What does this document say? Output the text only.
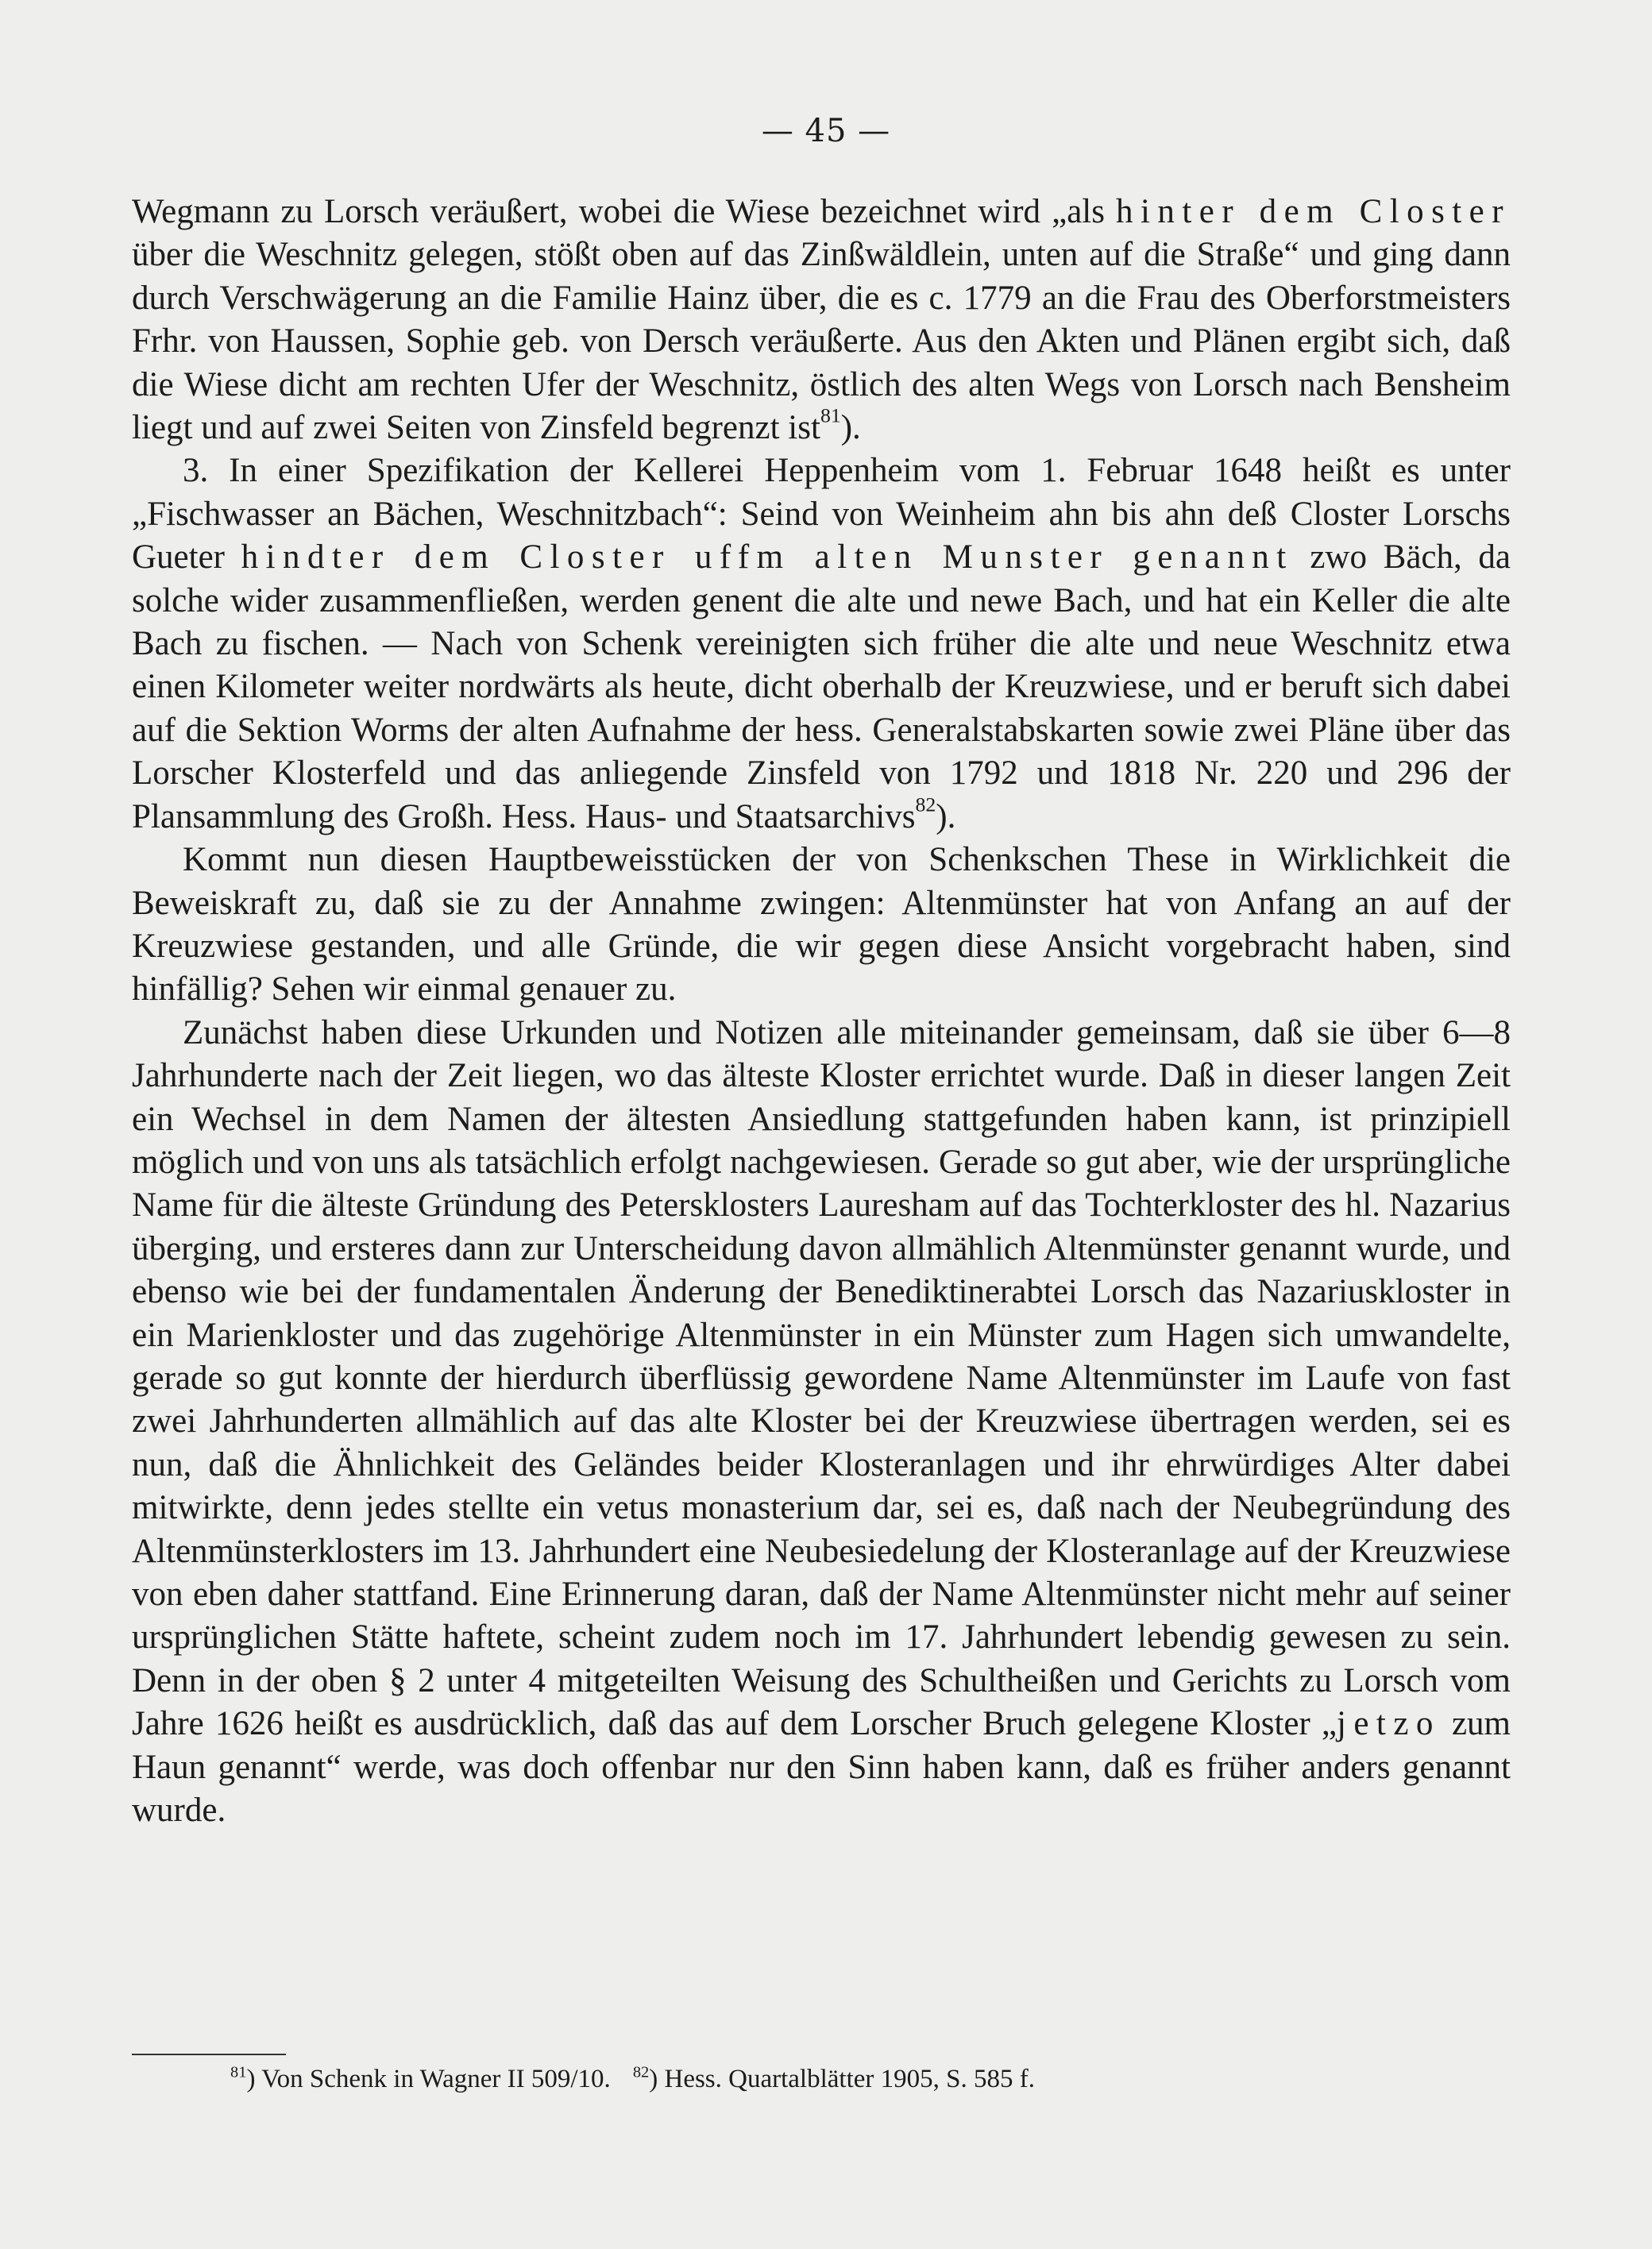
— 45 —

Wegmann zu Lorsch veräußert, wobei die Wiese bezeichnet wird „als hinter dem Closter über die Weschnitz gelegen, stößt oben auf das Zinßwäldlein, unten auf die Straße“ und ging dann durch Verschwägerung an die Familie Hainz über, die es c. 1779 an die Frau des Oberforstmeisters Frhr. von Haussen, Sophie geb. von Dersch veräußerte. Aus den Akten und Plänen ergibt sich, daß die Wiese dicht am rechten Ufer der Weschnitz, östlich des alten Wegs von Lorsch nach Bensheim liegt und auf zwei Seiten von Zinsfeld begrenzt ist$^{81}$).

3. In einer Spezifikation der Kellerei Heppenheim vom 1. Februar 1648 heißt es unter „Fischwasser an Bächen, Weschnitzbach“: Seind von Weinheim ahn bis ahn deß Closter Lorschs Gueter hindter dem Closter uffm alten Munster genannt zwo Bäch, da solche wider zusammenfließen, werden genent die alte und newe Bach, und hat ein Keller die alte Bach zu fischen. — Nach von Schenk vereinigten sich früher die alte und neue Weschnitz etwa einen Kilometer weiter nordwärts als heute, dicht oberhalb der Kreuzwiese, und er beruft sich dabei auf die Sektion Worms der alten Aufnahme der hess. Generalstabskarten sowie zwei Pläne über das Lorscher Klosterfeld und das anliegende Zinsfeld von 1792 und 1818 Nr. 220 und 296 der Plansammlung des Großh. Hess. Haus- und Staatsarchivs$^{82}$).

Kommt nun diesen Hauptbeweisstücken der von Schenkschen These in Wirklichkeit die Beweiskraft zu, daß sie zu der Annahme zwingen: Altenmünster hat von Anfang an auf der Kreuzwiese gestanden, und alle Gründe, die wir gegen diese Ansicht vorgebracht haben, sind hinfällig? Sehen wir einmal genauer zu.

Zunächst haben diese Urkunden und Notizen alle miteinander gemeinsam, daß sie über 6—8 Jahrhunderte nach der Zeit liegen, wo das älteste Kloster errichtet wurde. Daß in dieser langen Zeit ein Wechsel in dem Namen der ältesten Ansiedlung stattgefunden haben kann, ist prinzipiell möglich und von uns als tatsächlich erfolgt nachgewiesen. Gerade so gut aber, wie der ursprüngliche Name für die älteste Gründung des Petersklosters Lauresham auf das Tochterkloster des hl. Nazarius überging, und ersteres dann zur Unterscheidung davon allmählich Altenmünster genannt wurde, und ebenso wie bei der fundamentalen Änderung der Benediktinerabtei Lorsch das Nazariuskloster in ein Marienkloster und das zugehörige Altenmünster in ein Münster zum Hagen sich umwandelte, gerade so gut konnte der hierdurch überflüssig gewordene Name Altenmünster im Laufe von fast zwei Jahrhunderten allmählich auf das alte Kloster bei der Kreuzwiese übertragen werden, sei es nun, daß die Ähnlichkeit des Geländes beider Klosteranlagen und ihr ehrwürdiges Alter dabei mitwirkte, denn jedes stellte ein vetus monasterium dar, sei es, daß nach der Neubegründung des Altenmünsterklosters im 13. Jahrhundert eine Neubesiedelung der Klosteranlage auf der Kreuzwiese von eben daher stattfand. Eine Erinnerung daran, daß der Name Altenmünster nicht mehr auf seiner ursprünglichen Stätte haftete, scheint zudem noch im 17. Jahrhundert lebendig gewesen zu sein. Denn in der oben § 2 unter 4 mitgeteilten Weisung des Schultheißen und Gerichts zu Lorsch vom Jahre 1626 heißt es ausdrücklich, daß das auf dem Lorscher Bruch gelegene Kloster „jetzo zum Haun genannt“ werde, was doch offenbar nur den Sinn haben kann, daß es früher anders genannt wurde.

$^{81}$) Von Schenk in Wagner II 509/10. $^{82}$) Hess. Quartalblätter 1905, S. 585 f.
